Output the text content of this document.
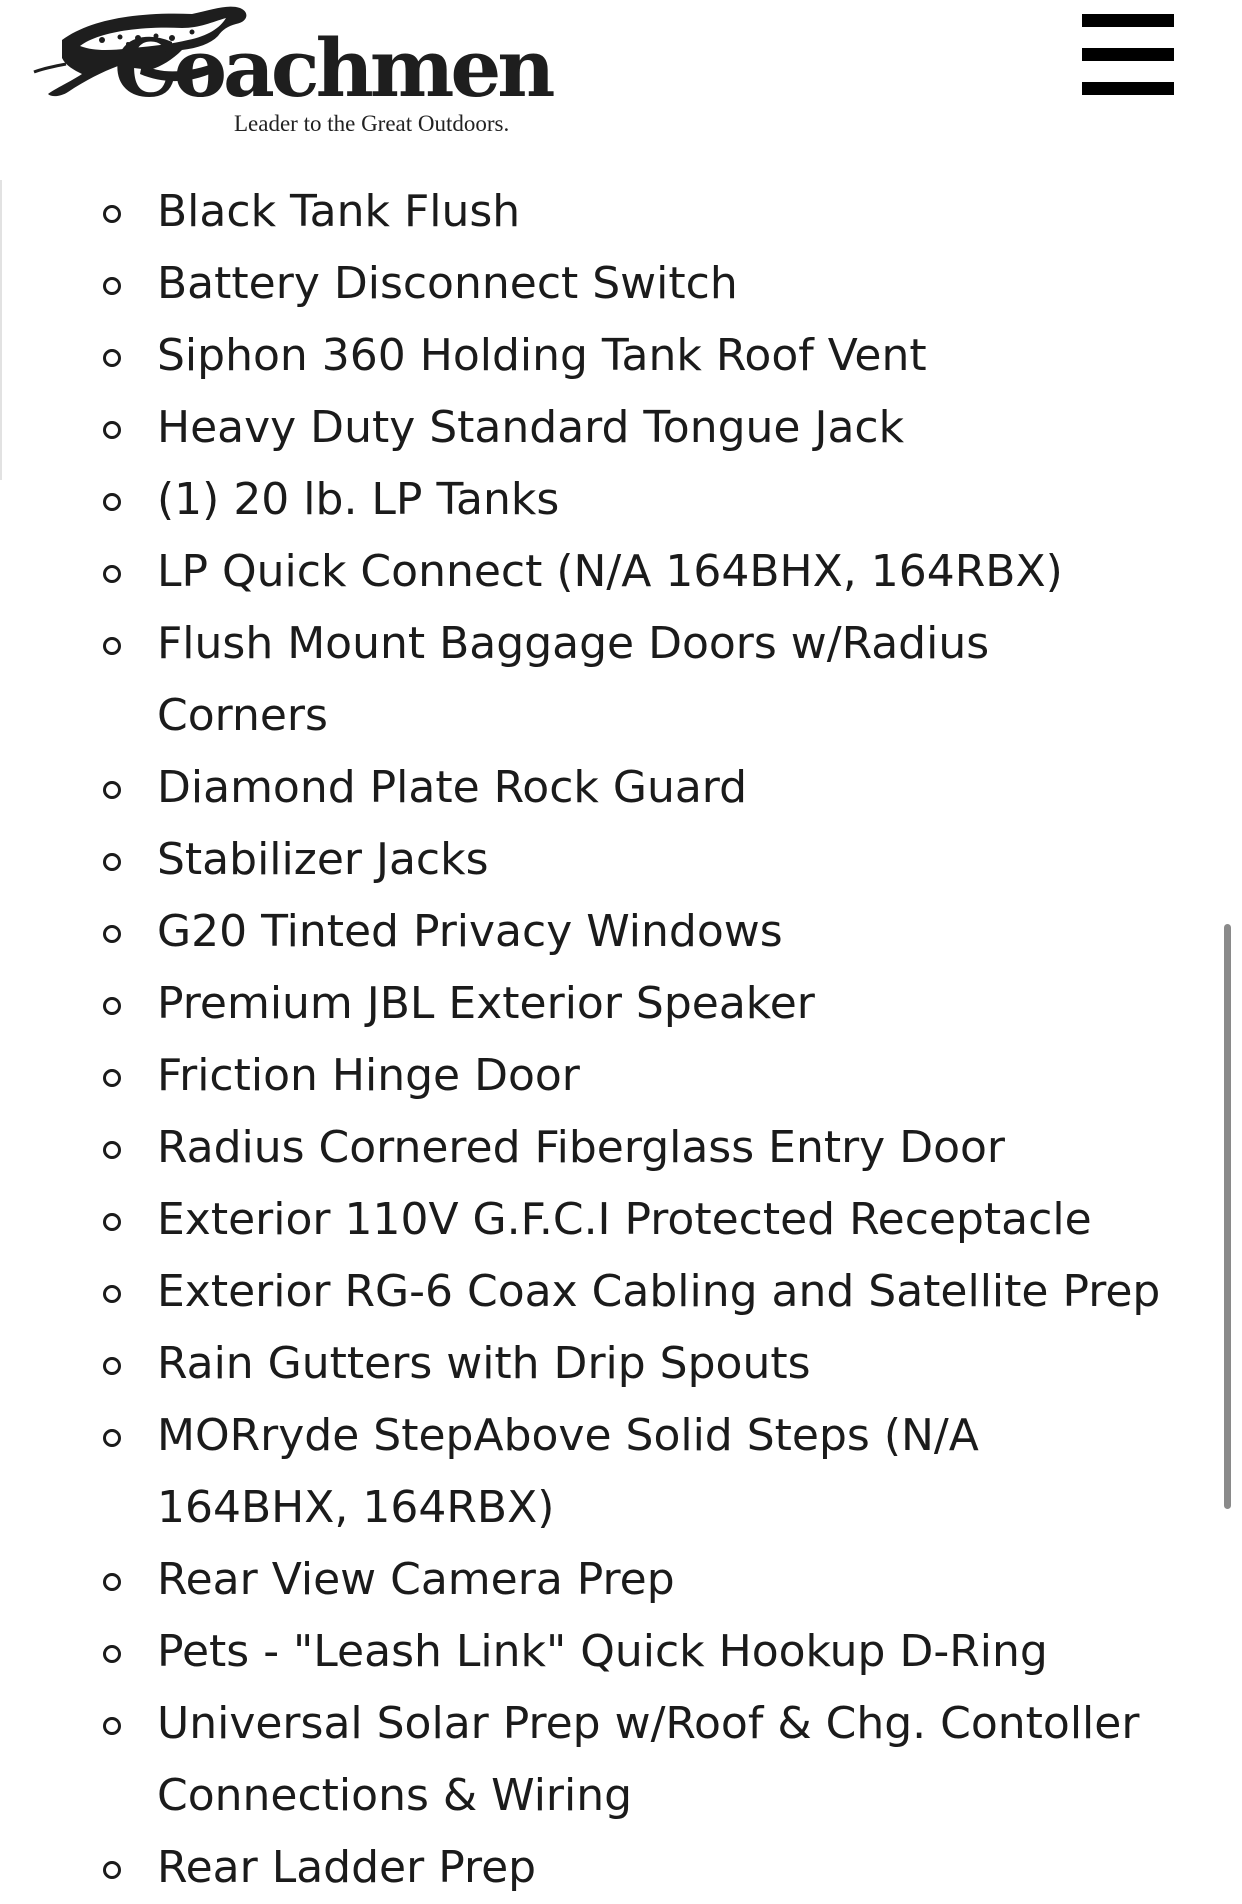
Coachmen
Leader to the Great Outdoors.
Black Tank Flush
Battery Disconnect Switch
Siphon 360 Holding Tank Roof Vent
Heavy Duty Standard Tongue Jack
(1) 20 lb. LP Tanks
LP Quick Connect (N/A 164BHX, 164RBX)
Flush Mount Baggage Doors w/Radius Corners
Diamond Plate Rock Guard
Stabilizer Jacks
G20 Tinted Privacy Windows
Premium JBL Exterior Speaker
Friction Hinge Door
Radius Cornered Fiberglass Entry Door
Exterior 110V G.F.C.I Protected Receptacle
Exterior RG-6 Coax Cabling and Satellite Prep
Rain Gutters with Drip Spouts
MORryde StepAbove Solid Steps (N/A 164BHX, 164RBX)
Rear View Camera Prep
Pets - "Leash Link" Quick Hookup D-Ring
Universal Solar Prep w/Roof & Chg. Contoller Connections & Wiring
Rear Ladder Prep
